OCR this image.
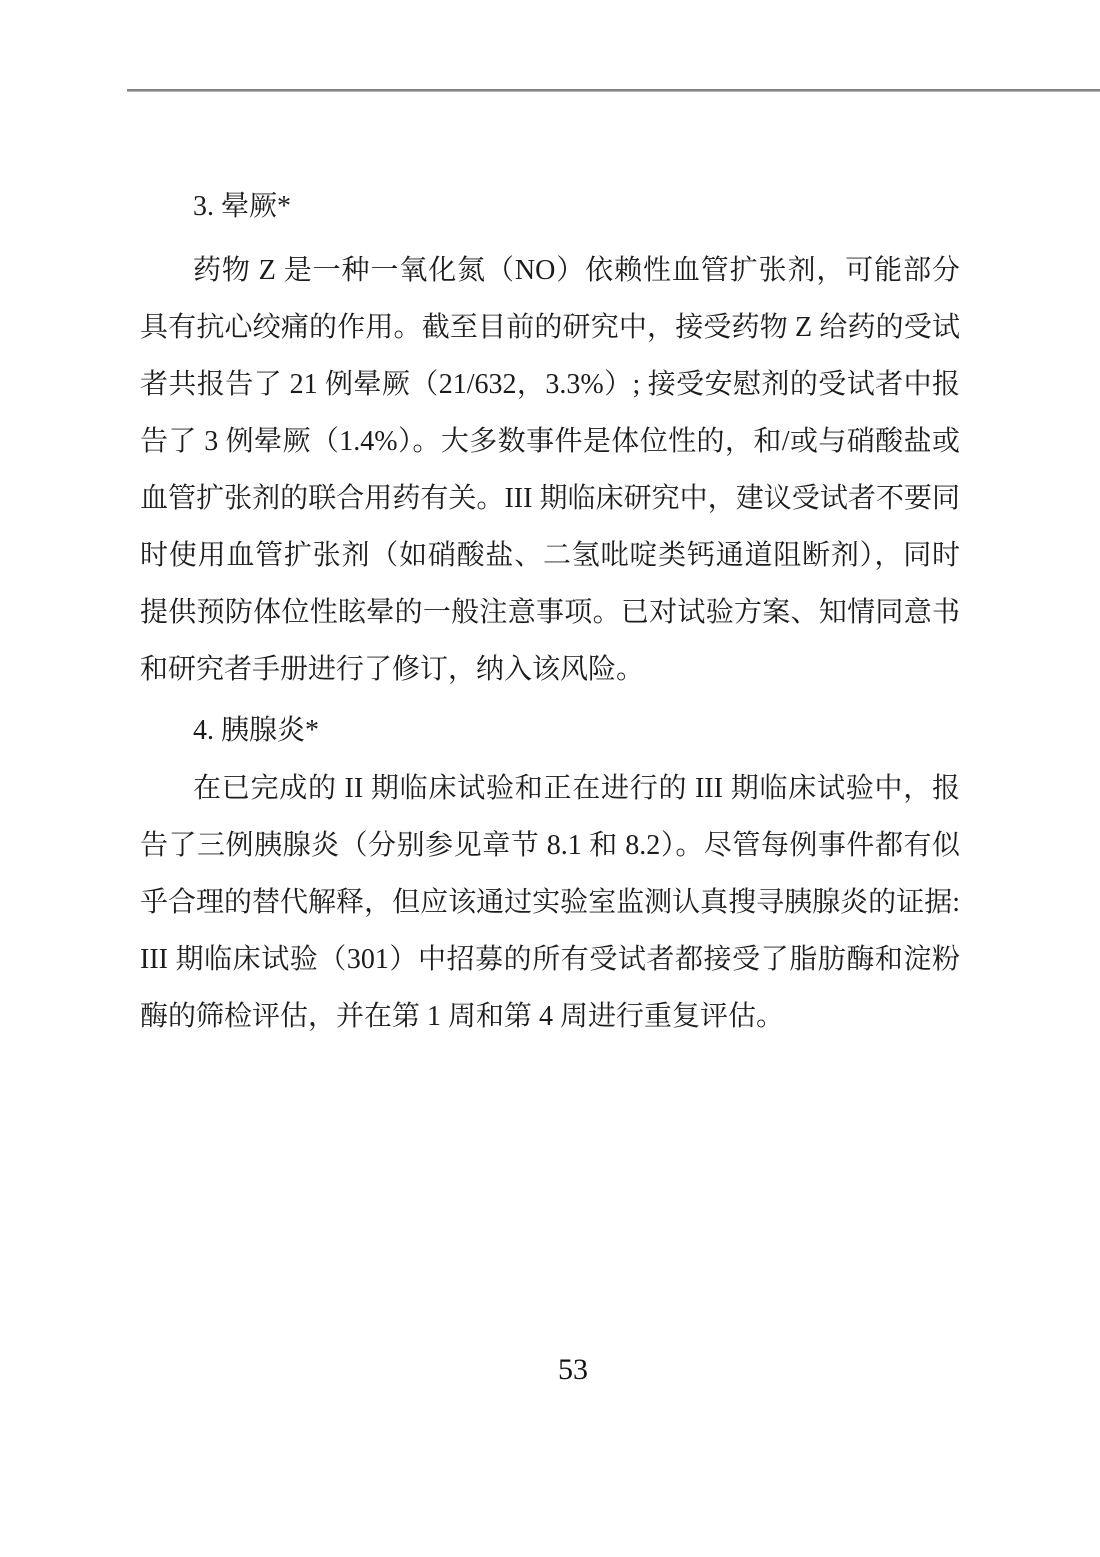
3. 晕厥*

药物 Z 是一种一氧化氮（NO）依赖性血管扩张剂，可能部分具有抗心绞痛的作用。截至目前的研究中，接受药物 Z 给药的受试者共报告了 21 例晕厥（21/632，3.3%）; 接受安慰剂的受试者中报告了 3 例晕厥（1.4%）。大多数事件是体位性的，和/或与硝酸盐或血管扩张剂的联合用药有关。III 期临床研究中，建议受试者不要同时使用血管扩张剂（如硝酸盐、二氢吡啶类钙通道阻断剂），同时提供预防体位性眩晕的一般注意事项。已对试验方案、知情同意书和研究者手册进行了修订，纳入该风险。

4. 胰腺炎*

在已完成的 II 期临床试验和正在进行的 III 期临床试验中，报告了三例胰腺炎（分别参见章节 8.1 和 8.2）。尽管每例事件都有似乎合理的替代解释，但应该通过实验室监测认真搜寻胰腺炎的证据: III 期临床试验（301）中招募的所有受试者都接受了脂肪酶和淀粉酶的筛检评估，并在第 1 周和第 4 周进行重复评估。

53
